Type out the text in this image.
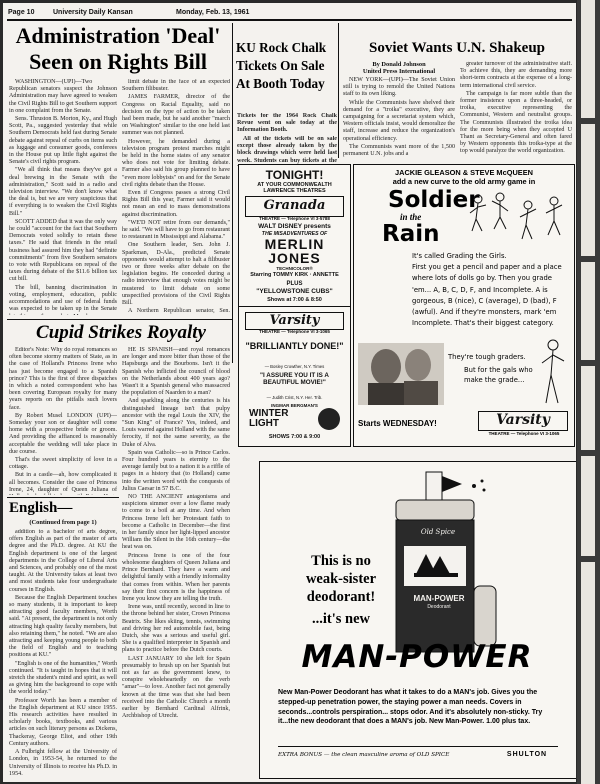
Page 10	University Daily Kansan	Monday, Feb. 13, 1961
Administration 'Deal' Seen on Rights Bill

WASHINGTON—(UPI)—Two Republican senators suspect the Johnson Administration may have agreed to weaken the Civil Rights Bill to get Southern support in one complaint from the Senate.

Sens. Thruston B. Morton, Ky., and Hugh Scott, Pa., suggested yesterday that while Southern Democrats held fast during Senate debate against repeal of curbs on items such as luggage and consumer goods, conferees in the House put up little fight against the Senate's civil rights program.

"We all think that means they've got a deal brewing in the Senate with the administration," Scott said in a radio and television interview. "We don't know what the deal is, but we are very suspicious that if everything is to weaken the Civil Rights Bill."

SCOTT ADDED that it was the only way he could "account for the fact that Southern Democrats voted solidly to retain these taxes." He said that friends in the retail business had assured him they had "definite commitments" from five Southern senators to vote with Republicans on repeal of the taxes during debate of the $11.6 billion tax cut bill.

The bill, banning discrimination in voting, employment, education, public accommodations and use of federal funds was expected to be taken up in the Senate

limit debate in the face of an expected Southern filibuster.

JAMES FARMER, director of the Congress on Racial Equality, said no decision on the type of action to be taken had been made, but he said another "march on Washington" similar to the one held last summer was not planned.

However, he demanded during a television program protest marches might be held in the home states of any senator who does not vote for limiting debate. Farmer also said his group planned to have "even more lobbyists" on and for the Senate civil rights debate than the House.

Even if Congress passes a strong Civil Rights Bill this year, Farmer said it would not mean an end to mass demonstrations against discrimination.

"WE'D NOT retire from our demands," he said. "We will have to go from restaurant to restaurant in Mississippi and Alabama."

One Southern leader, Sen. John J. Sparkman, D-Ala., predicted Senate opponents would attempt to halt a filibuster two or three weeks after debate on the legislation begins. He conceded during a radio interview that enough votes might be mustered to limit debate on some unspecified provisions of the Civil Rights Bill.

A Northern Republican senator, Sen.

KU Rock Chalk Tickets On Sale At Booth Today
Tickets for the 1964 Rock Chalk Revue went on sale today at the Information Booth.

All of the tickets will be on sale except those already taken by the block drawings which were held last week. Students can buy tickets at the

Soviet Wants U.N. Shakeup
By Donald Johnson
United Press International

NEW YORK—(UPI)—The Soviet Union still is trying to remold the United Nations staff to its own liking.

While the Communists have shelved their demand for a "troika" executive, they are campaigning for a secretariat system which, Western officials insist, would demoralize the staff, increase and reduce the organization's operational efficiency.

The Communists want more of the 1,500 permanent U.N. jobs and a

greater turnover of the administrative staff. To achieve this, they are demanding more short-term contracts at the expense of a long-term international civil service.

The campaign is far more subtle than the former insistence upon a three-headed, or troika, executive representing the Communist, Western and neutralist groups. The Communists illustrated the troika idea for the more being when they accepted U Thant as Secretary-General and often fared by Western opponents this troika-type at the top would paralyze the world organization.

TONIGHT!
AT YOUR COMMONWEALTH
LAWRENCE THEATRES
Granada
THEATRE — Telephone VI 3-5788
WALT DISNEY presents
THE MISADVENTURES OF
MERLIN JONES
TECHNICOLOR®
Starring TOMMY KIRK · ANNETTE
PLUS
"YELLOWSTONE CUBS"
Shows at 7:00 & 8:50
Varsity
THEATRE — Telephone VI 3-1065
"BRILLIANTLY DONE!"
— Bosley Crowther, N.Y. Times
"I ASSURE YOU IT IS A BEAUTIFUL MOVIE!"
— Judith Crist, N.Y. Her. Trib.
INGMAR BERGMAN'S
WINTER LIGHT
SHOWS 7:00 & 9:00
JACKIE GLEASON & STEVE McQUEEN
add a new curve to the old army game in
Soldier
in the
Rain
It's called Grading the Girls.
First you get a pencil and paper and a place where lots of dolls go by. Then you grade 'em... A, B, C, D, F, and Incomplete. A is gorgeous, B (nice), C (average), D (bad), F (awful). And if they're monsters, mark 'em Incomplete. That's their biggest category.
They're tough graders.
But for the gals who make the grade...
Starts WEDNESDAY!	Varsity
THEATRE — Telephone VI 3-1065
Cupid Strikes Royalty

Editor's Note: Why do royal romances so often become stormy matters of State, as in the case of Holland's Princess Irene who has just become engaged to a Spanish prince? This is the first of three dispatches in which a noted correspondent who has been covering European royalty for many years reports on the pitfalls such lovers face.

By Robert Musel LONDON (UPI)—Someday your son or daughter will come home with a prospective bride or groom. And providing the affianced is reasonably acceptable the wedding will take place in due course.

That's the sweet simplicity of love in a cottage.

But in a castle—ah, how complicated it all becomes. Consider the case of Princess Irene, 24, daughter of Queen Juliana of

HE IS SPANISH—and royal romances are longer and more bitter than those of the Hapsburgs and the Bourbons. Isn't it the Spanish who inflicted the council of blood on the Netherlands about 400 years ago? Wasn't it a Spanish general who massacred the population of Naarden to a man?

And sparkling along the centuries is his distinguished lineage isn't that pulpy ancestor with the regal Louis the XIV, the "Sun King" of France? Yes, indeed, and Louis warred against Holland with the same ferocity, if not the same severity, as the Duke of Alva.

Spain was Catholic—so is Prince Carlos. Four hundred years is eternity to the average family but to a nation it is a riffle of pages in a history that (to Holland) came into the written word with the conquests of Julius Caesar in 57 B.C.

NO THE ANCIENT antagonisms and suspicions simmer over a low flame ready to come to a boil at any time. And when Princess Irene left her Protestant faith to become a Catholic in December—the first in her family since her light-lipped ancestor William the Silent in the 16th century—the heat was on.

Princess Irene is one of the four wholesome daughters of Queen Juliana and Prince Bernhard. They have a warm and delightful family with a friendly informality that comes from within. When her parents say their first concern is the happiness of Irene you know they are telling the truth.

Irene was, until recently, second in line to the throne behind her sister, Crown Princess Beatrix. She likes skiing, tennis, swimming and driving her red automobile fast, being Dutch, she was a serious and useful girl. She is a qualified interpreter in Spanish and plans to practice before the Dutch courts.

LAST JANUARY 10 she left for Spain presumably to brush up on her Spanish but not as far as the government knew, to conspire wholeheartedly on the verb "amar"—to love. Another fact not generally known at the time was that she had been received into the Catholic Church a month earlier by Bernhard Cardinal Alfrink, Archbishop of Utrecht.

English—
(Continued from page 1)

addition to a bachelor of arts degree, offers English as part of the master of arts degree and the Ph.D. degree. At KU the English department is one of the largest departments in the College of Liberal Arts and Sciences, and probably one of the most taught. At the University takes at least two and most students take four undergraduate courses in English.

Because the English Department touches so many students, it is important to keep attracting good faculty members, Worth said. "At present, the department is not only attracting high quality faculty members, but also retaining them," he noted. "We are also attracting and keeping young people to both the field of English and to teaching positions at KU."

"English is one of the humanities," Worth continued. "It is taught in hopes that it will stretch the student's mind and spirit, as well as giving him the background to cope with the world today."

Professor Worth has been a member of the English department at KU since 1955. His research activities have resulted in scholarly books, textbooks, and various articles on such literary persons as Dickens, Thackeray, George Eliot, and other 19th Century authors.

A Fulbright fellow at the University of London, in 1953-54, he returned to the University of Illinois to receive his Ph.D. in 1954.

Old Spice
MAN-POWER
Deodorant
This is no
weak-sister
deodorant!
...it's new
MAN-POWER
New Man-Power Deodorant has what it takes to do a MAN's job. Gives you the stepped-up penetration power, the staying power a man needs. Covers in seconds...controls perspiration... stops odor. And it's absolutely non-sticky. Try it...the new deodorant that does a MAN's job. New Man-Power. 1.00 plus tax.
EXTRA BONUS — the clean masculine aroma of OLD SPICE	SHULTON
